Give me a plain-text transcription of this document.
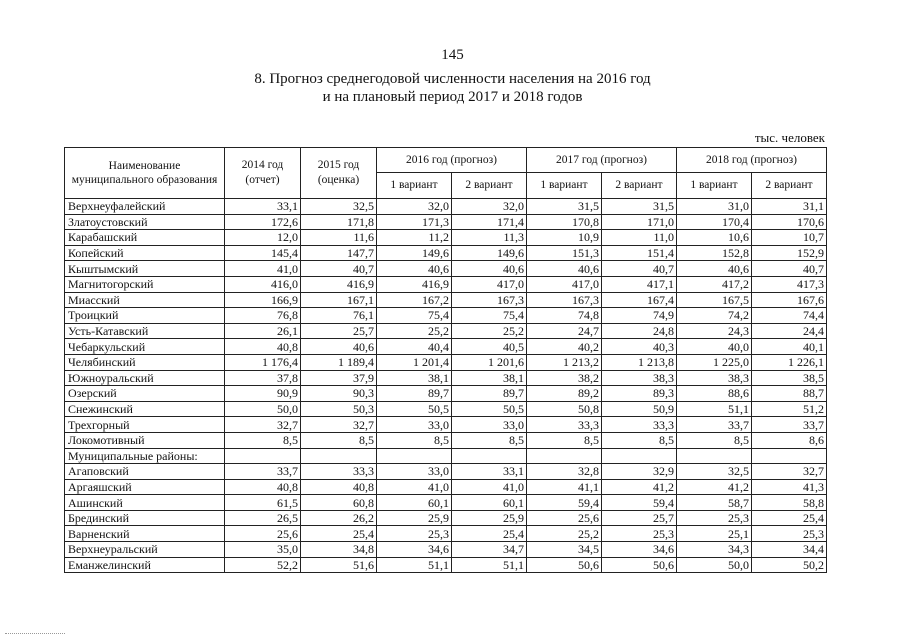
145
8. Прогноз среднегодовой численности населения на 2016 год
и на плановый период 2017 и 2018 годов
тыс. человек
Наименование муниципального образования	2014 год (отчет)	2015 год (оценка)	2016 год (прогноз)		2017 год (прогноз)		2018 год (прогноз)	
			1 вариант	2 вариант	1 вариант	2 вариант	1 вариант	2 вариант
Верхнеуфалейский	33,1	32,5	32,0	32,0	31,5	31,5	31,0	31,1
Златоустовский	172,6	171,8	171,3	171,4	170,8	171,0	170,4	170,6
Карабашский	12,0	11,6	11,2	11,3	10,9	11,0	10,6	10,7
Копейский	145,4	147,7	149,6	149,6	151,3	151,4	152,8	152,9
Кыштымский	41,0	40,7	40,6	40,6	40,6	40,7	40,6	40,7
Магнитогорский	416,0	416,9	416,9	417,0	417,0	417,1	417,2	417,3
Миасский	166,9	167,1	167,2	167,3	167,3	167,4	167,5	167,6
Троицкий	76,8	76,1	75,4	75,4	74,8	74,9	74,2	74,4
Усть-Катавский	26,1	25,7	25,2	25,2	24,7	24,8	24,3	24,4
Чебаркульский	40,8	40,6	40,4	40,5	40,2	40,3	40,0	40,1
Челябинский	1 176,4	1 189,4	1 201,4	1 201,6	1 213,2	1 213,8	1 225,0	1 226,1
Южноуральский	37,8	37,9	38,1	38,1	38,2	38,3	38,3	38,5
Озерский	90,9	90,3	89,7	89,7	89,2	89,3	88,6	88,7
Снежинский	50,0	50,3	50,5	50,5	50,8	50,9	51,1	51,2
Трехгорный	32,7	32,7	33,0	33,0	33,3	33,3	33,7	33,7
Локомотивный	8,5	8,5	8,5	8,5	8,5	8,5	8,5	8,6
Муниципальные районы:								
Агаповский	33,7	33,3	33,0	33,1	32,8	32,9	32,5	32,7
Аргаяшский	40,8	40,8	41,0	41,0	41,1	41,2	41,2	41,3
Ашинский	61,5	60,8	60,1	60,1	59,4	59,4	58,7	58,8
Брединский	26,5	26,2	25,9	25,9	25,6	25,7	25,3	25,4
Варненский	25,6	25,4	25,3	25,4	25,2	25,3	25,1	25,3
Верхнеуральский	35,0	34,8	34,6	34,7	34,5	34,6	34,3	34,4
Еманжелинский	52,2	51,6	51,1	51,1	50,6	50,6	50,0	50,2
